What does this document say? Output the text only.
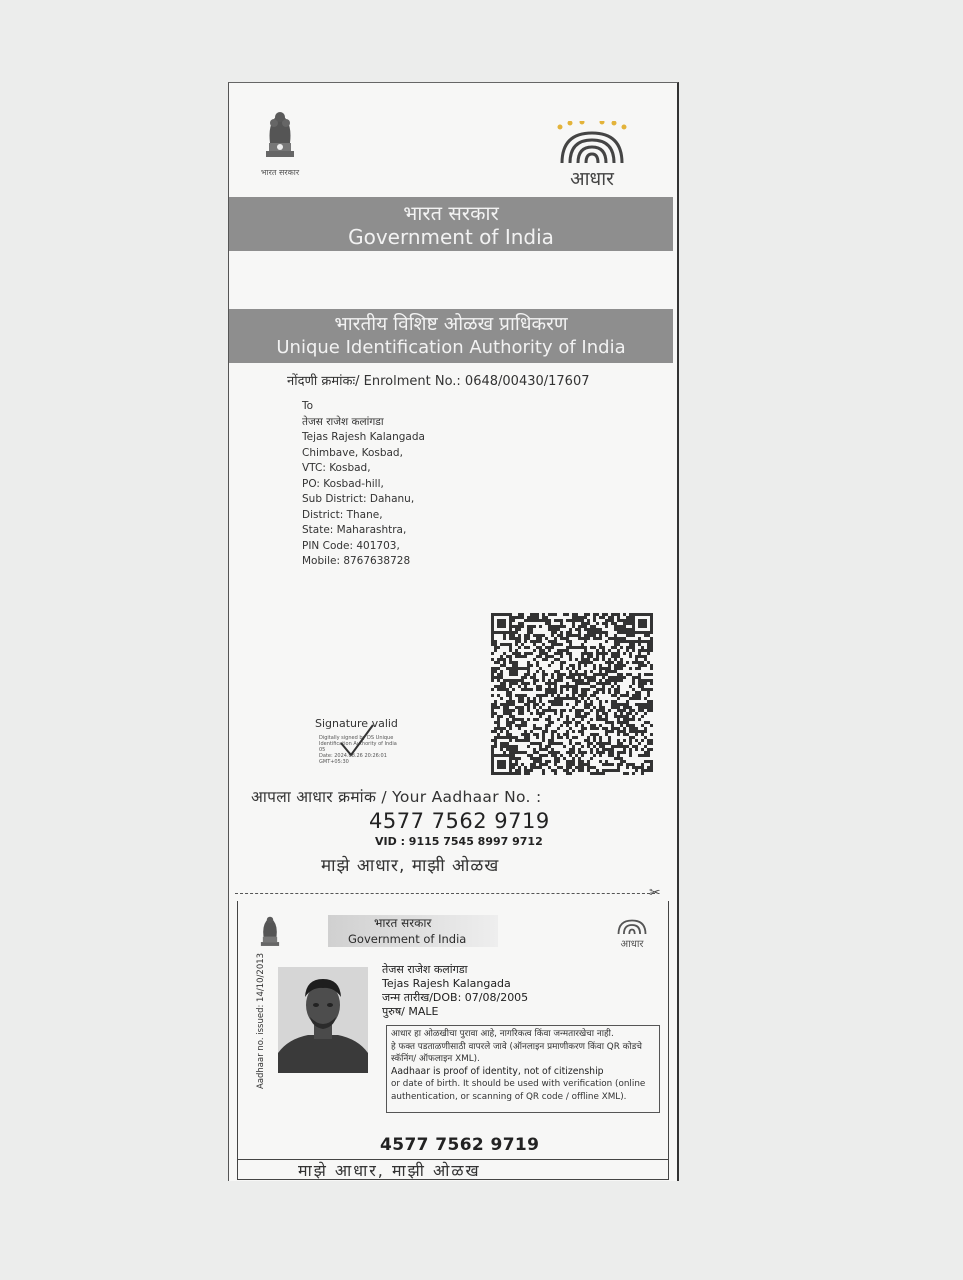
भारत सरकार	आधार
भारत सरकार
Government of India
भारतीय विशिष्ट ओळख प्राधिकरण
Unique Identification Authority of India
नोंदणी क्रमांकः/ Enrolment No.: 0648/00430/17607
To
तेजस राजेश कलांगडा
Tejas Rajesh Kalangada
Chimbave, Kosbad,
VTC: Kosbad,
PO: Kosbad-hill,
Sub District: Dahanu,
District: Thane,
State: Maharashtra,
PIN Code: 401703,
Mobile: 8767638728
Signature valid
Digitally signed by DS Unique
Identification Authority of India
05
Date: 2024.08.26 20:26:01
GMT+05:30
आपला आधार क्रमांक / Your Aadhaar No. :
4577 7562 9719
VID : 9115 7545 8997 9712
माझे आधार, माझी ओळख
✂
भारत सरकार
Government of India	आधार
Aadhaar no. issued: 14/10/2013	तेजस राजेश कलांगडा
Tejas Rajesh Kalangada
जन्म तारीख/DOB: 07/08/2005
पुरुष/ MALE
आधार हा ओळखीचा पुरावा आहे, नागरिकत्व किंवा जन्मतारखेचा नाही.
हे फक्त पडताळणीसाठी वापरले जावे (ऑनलाइन प्रमाणीकरण किंवा QR कोडचे स्कॅनिंग/ ऑफलाइन XML).
Aadhaar is proof of identity, not of citizenship
or date of birth. It should be used with verification (online authentication, or scanning of QR code / offline XML).
4577 7562 9719
माझे आधार, माझी ओळख
